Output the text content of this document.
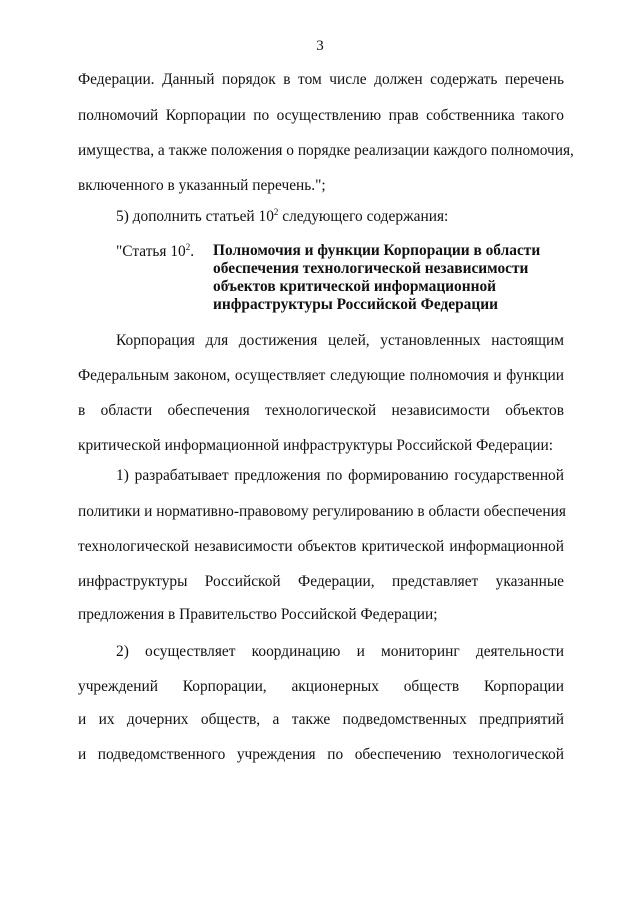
3
Федерации. Данный порядок в том числе должен содержать перечень
полномочий Корпорации по осуществлению прав собственника такого
имущества, а также положения о порядке реализации каждого полномочия,
включенного в указанный перечень.";
5) дополнить статьей $10^2$ следующего содержания:
"Статья $10^2$. Полномочия и функции Корпорации в области
обеспечения технологической независимости
объектов критической информационной
инфраструктуры Российской Федерации
Корпорация для достижения целей, установленных настоящим
Федеральным законом, осуществляет следующие полномочия и функции
в области обеспечения технологической независимости объектов
критической информационной инфраструктуры Российской Федерации:
1) разрабатывает предложения по формированию государственной
политики и нормативно-правовому регулированию в области обеспечения
технологической независимости объектов критической информационной
инфраструктуры Российской Федерации, представляет указанные
предложения в Правительство Российской Федерации;
2) осуществляет координацию и мониторинг деятельности
учреждений Корпорации, акционерных обществ Корпорации
и их дочерних обществ, а также подведомственных предприятий
и подведомственного учреждения по обеспечению технологической
